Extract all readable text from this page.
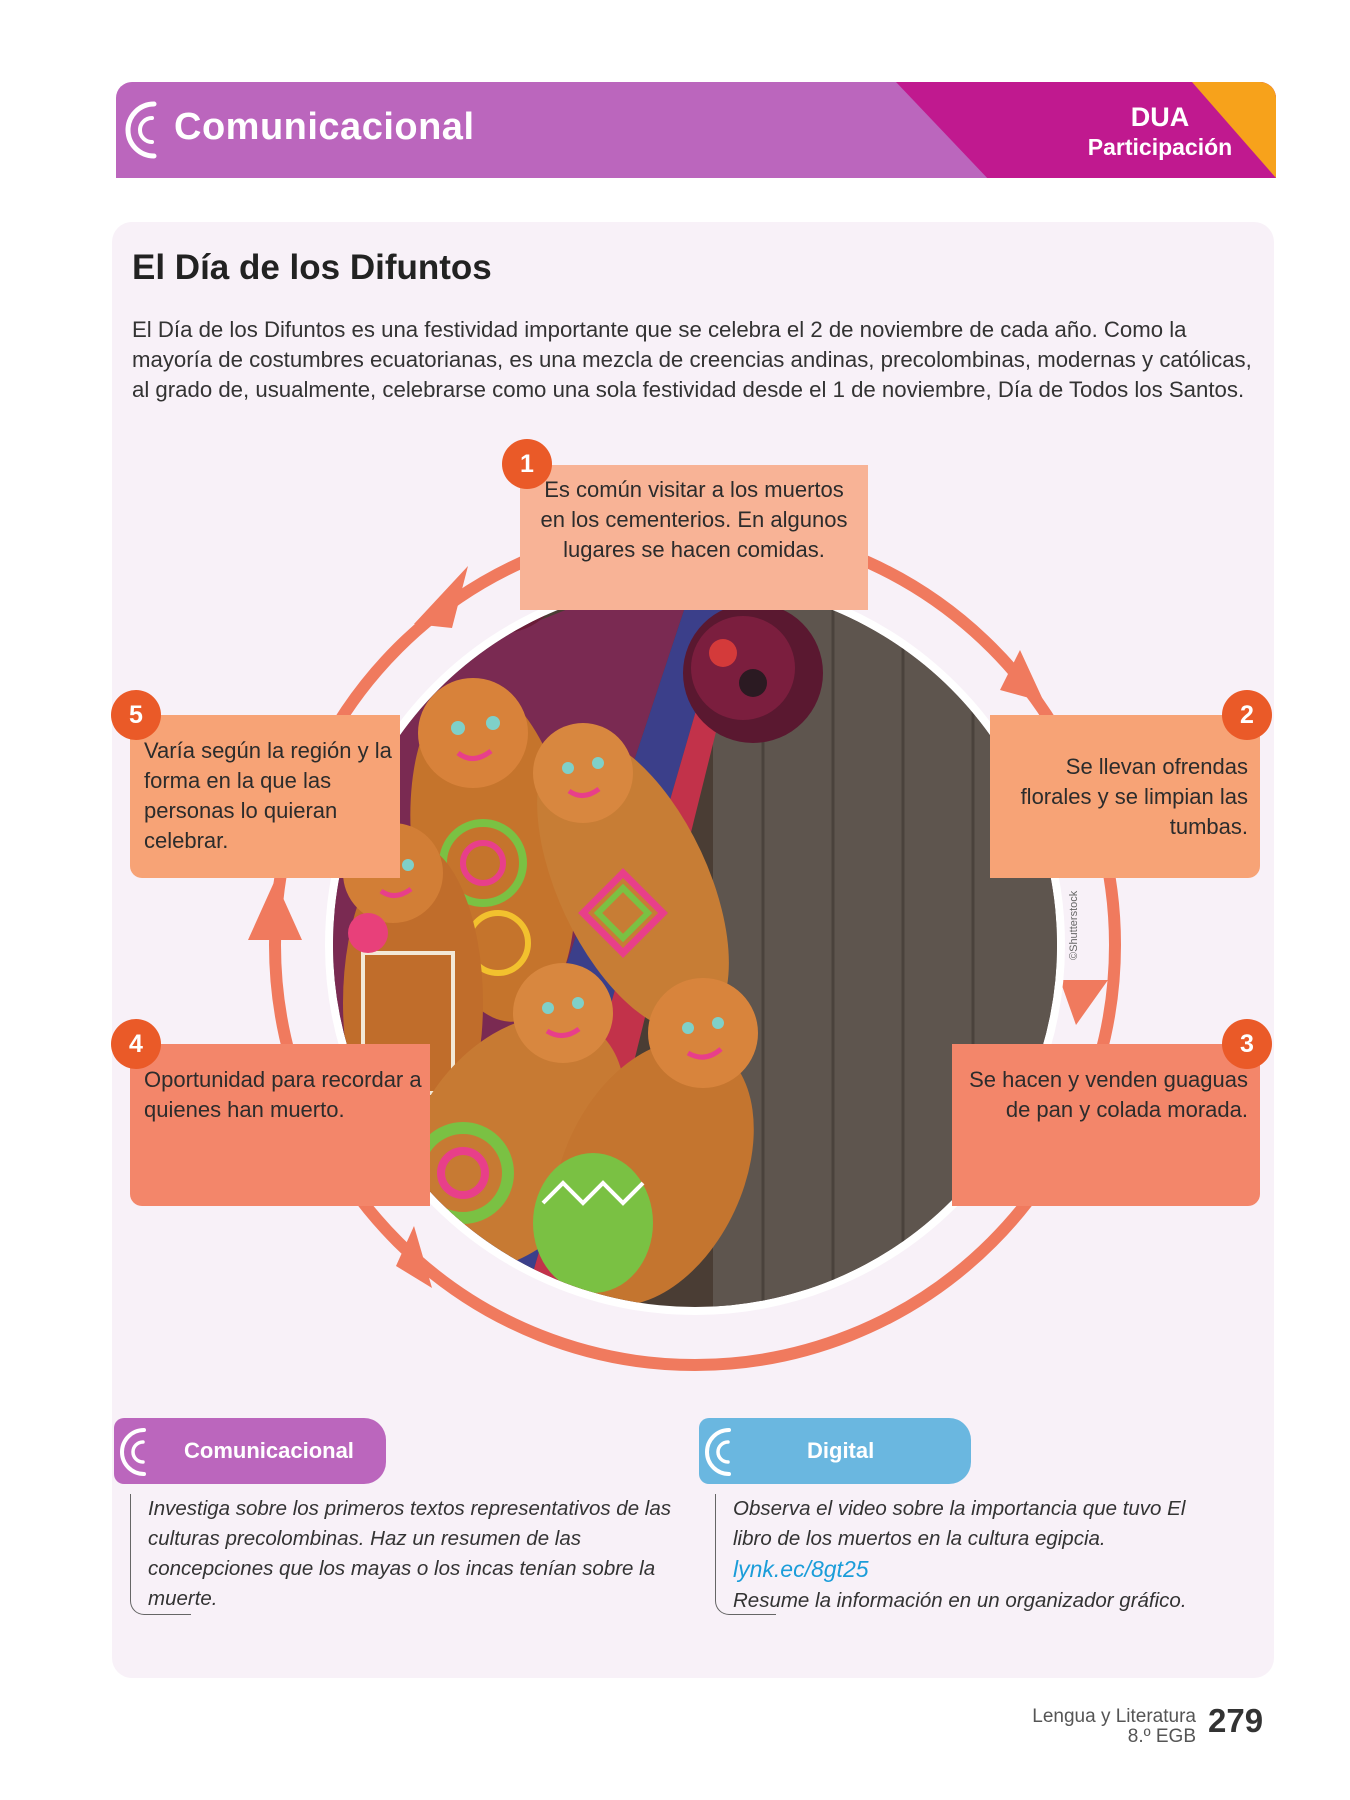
Comunicacional	DUA
Participación
El Día de los Difuntos
El Día de los Difuntos es una festividad importante que se celebra el 2 de noviembre de cada año. Como la mayoría de costumbres ecuatorianas, es una mezcla de creencias andinas, precolombinas, modernas y católicas, al grado de, usualmente, celebrarse como una sola festividad desde el 1 de noviembre, Día de Todos los Santos.
©Shutterstock
Es común visitar a los muertos en los cementerios. En algunos lugares se hacen comidas.
Se llevan ofrendas florales y se limpian las tumbas.
Se hacen y venden guaguas de pan y colada morada.
Oportunidad para recordar a quienes han muerto.
Varía según la región y la forma en la que las personas lo quieran celebrar.
1
2
3
4
5
Comunicacional
Investiga sobre los primeros textos representativos de las culturas precolombinas. Haz un resumen de las concepciones que los mayas o los incas tenían sobre la muerte.
Digital
Observa el video sobre la importancia que tuvo El libro de los muertos en la cultura egipcia. lynk.ec/8gt25
Resume la información en un organizador gráfico.
Lengua y Literatura
8.º EGB 279
